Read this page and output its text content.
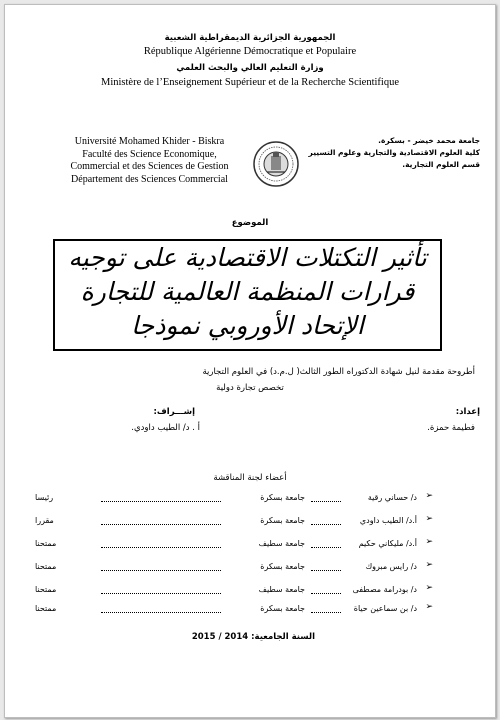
الجمهورية الجزائرية الديمقراطية الشعبية
République Algérienne Démocratique et Populaire
وزارة التعليم العالي والبحث العلمي
Ministère de l’Enseignement Supérieur et de la Recherche Scientifique
Université Mohamed Khider - Biskra
Faculté des Science Economique,
Commercial et des Sciences de Gestion
Département des Sciences Commercial
جامعة محمد خيضر - بسكرة.
كلية العلوم الاقتصادية والتجارية وعلوم التسيير
قسم العلوم التجارية.
الموضوع
تأثير التكتلات الاقتصادية على توجيه
قرارات المنظمة العالمية للتجارة
الإتحاد الأوروبي نموذجا
أطروحة مقدمة لنيل شهادة الدكتوراه الطور الثالث( ل.م.د) في العلوم التجارية
تخصص تجارة دولية
إعداد:
فطيمة حمزة.
إشـــراف:
أ . د/ الطيب داودي.
أعضاء لجنة المناقشة
➢
د/ حساني رقية
جامعة بسكرة
رئيسا
➢
أ.د/ الطيب داودي
جامعة بسكرة
مقررا
➢
أ.د/ مليكاني حكيم
جامعة سطيف
ممتحنا
➢
د/ رايس مبروك
جامعة بسكرة
ممتحنا
➢
د/ بودرامة مصطفى
جامعة سطيف
ممتحنا
➢
د/ بن سماعين حياة
جامعة بسكرة
ممتحنا
السنة الجامعية: 2015 / 2014
